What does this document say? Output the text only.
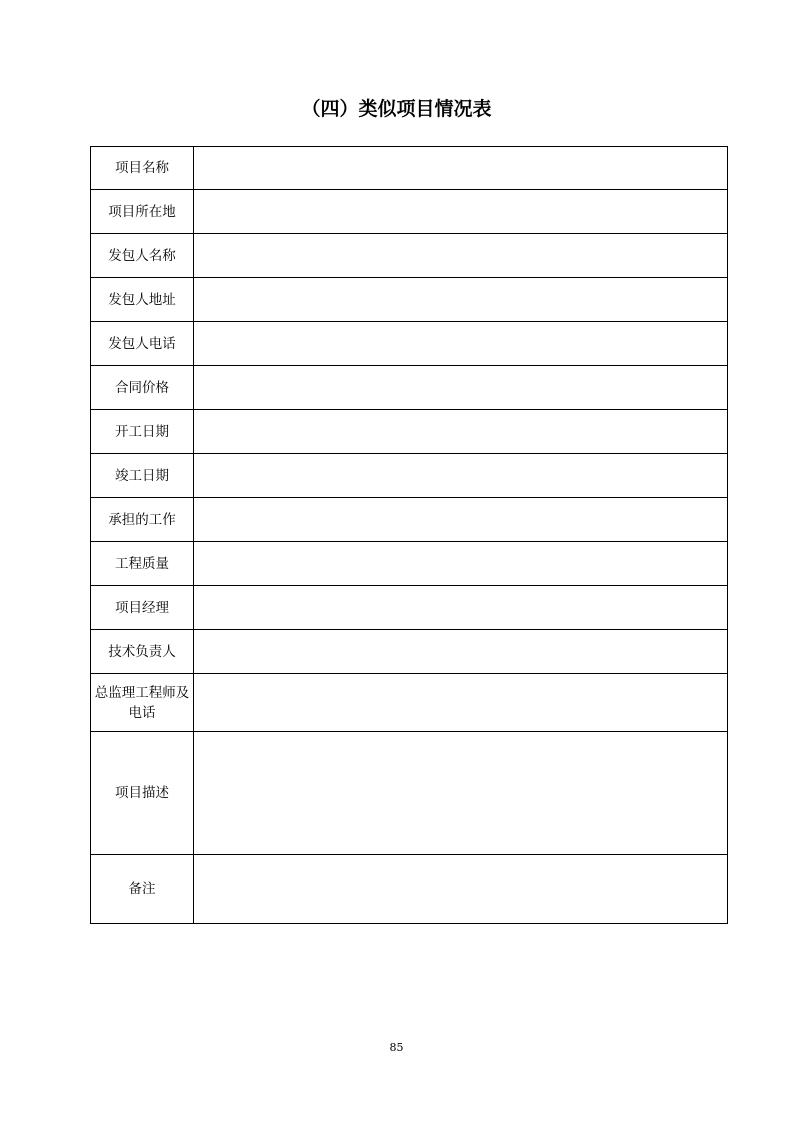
（四）类似项目情况表
项目名称	
项目所在地	
发包人名称	
发包人地址	
发包人电话	
合同价格	
开工日期	
竣工日期	
承担的工作	
工程质量	
项目经理	
技术负责人	
总监理工程师及电话	
项目描述	
备注	
85
